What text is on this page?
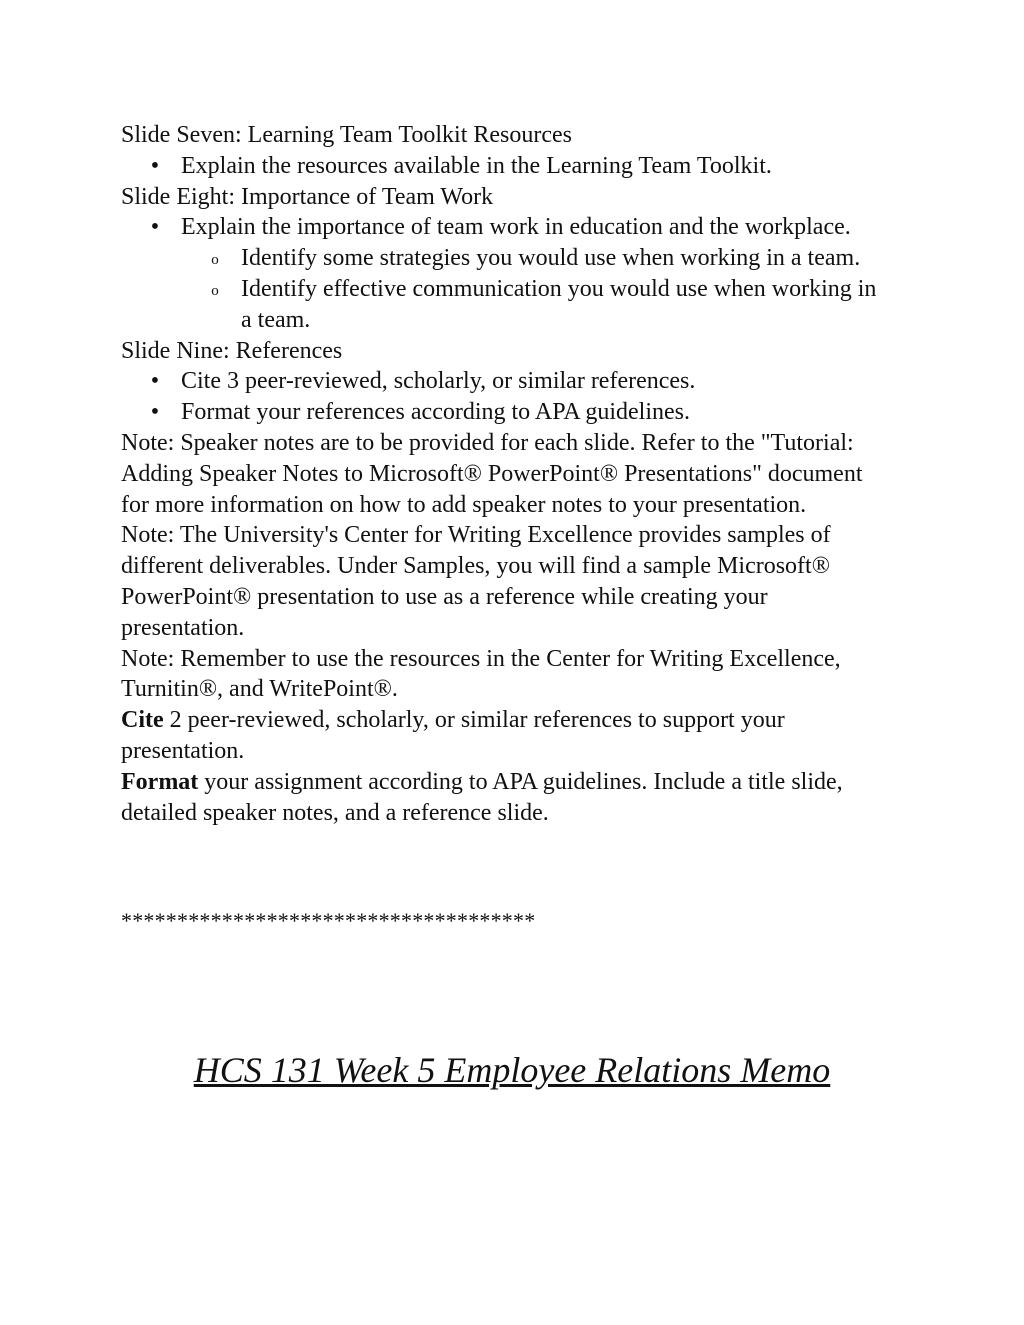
Slide Seven: Learning Team Toolkit Resources

• Explain the resources available in the Learning Team Toolkit.

Slide Eight: Importance of Team Work

• Explain the importance of team work in education and the workplace.
o Identify some strategies you would use when working in a team.
o Identify effective communication you would use when working in a team.

Slide Nine: References

• Cite 3 peer-reviewed, scholarly, or similar references.
• Format your references according to APA guidelines.

Note: Speaker notes are to be provided for each slide. Refer to the "Tutorial: Adding Speaker Notes to Microsoft® PowerPoint® Presentations" document for more information on how to add speaker notes to your presentation.

Note: The University's Center for Writing Excellence provides samples of different deliverables. Under Samples, you will find a sample Microsoft® PowerPoint® presentation to use as a reference while creating your presentation.

Note: Remember to use the resources in the Center for Writing Excellence, Turnitin®, and WritePoint®.

Cite 2 peer-reviewed, scholarly, or similar references to support your presentation.

Format your assignment according to APA guidelines. Include a title slide, detailed speaker notes, and a reference slide.

*************************************

HCS 131 Week 5 Employee Relations Memo
